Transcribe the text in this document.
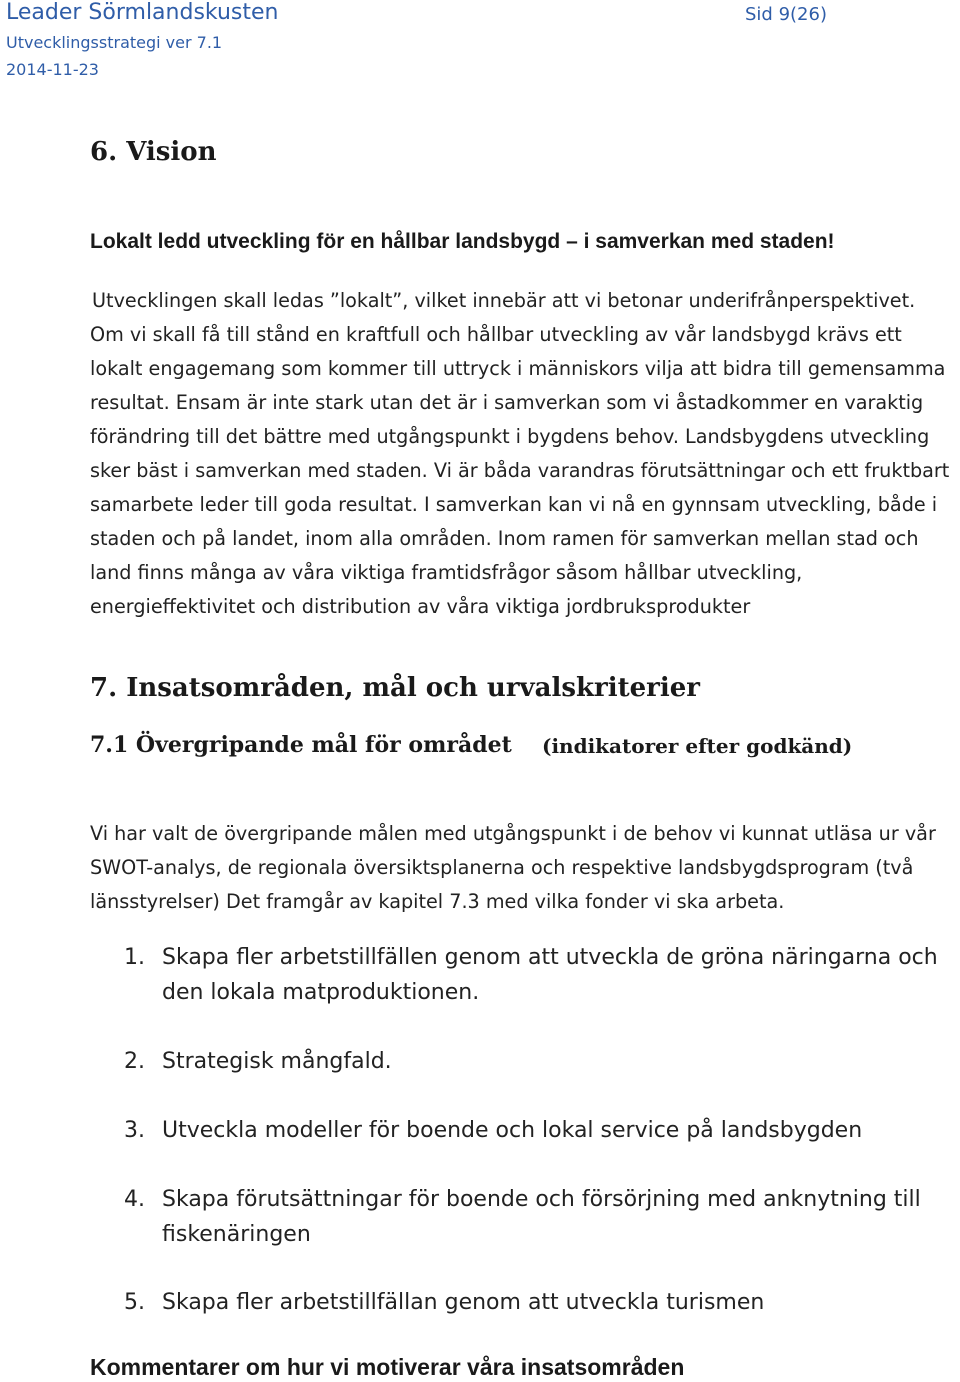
Leader Sörmlandskusten
Utvecklingsstrategi ver 7.1
2014-11-23
Sid 9(26)
6. Vision
Lokalt ledd utveckling för en hållbar landsbygd – i samverkan med staden!

Utvecklingen skall ledas ”lokalt”, vilket innebär att vi betonar underifrånperspektivet.

Om vi skall få till stånd en kraftfull och hållbar utveckling av vår landsbygd krävs ett lokalt engagemang som kommer till uttryck i människors vilja att bidra till gemensamma resultat. Ensam är inte stark utan det är i samverkan som vi åstadkommer en varaktig förändring till det bättre med utgångspunkt i bygdens behov. Landsbygdens utveckling sker bäst i samverkan med staden. Vi är båda varandras förutsättningar och ett fruktbart samarbete leder till goda resultat. I samverkan kan vi nå en gynnsam utveckling, både i staden och på landet, inom alla områden. Inom ramen för samverkan mellan stad och land finns många av våra viktiga framtidsfrågor såsom hållbar utveckling, energieffektivitet och distribution av våra viktiga jordbruksprodukter

7. Insatsområden, mål och urvalskriterier
7.1 Övergripande mål för området (indikatorer efter godkänd)

Vi har valt de övergripande målen med utgångspunkt i de behov vi kunnat utläsa ur vår SWOT-analys, de regionala översiktsplanerna och respektive landsbygdsprogram (två länsstyrelser) Det framgår av kapitel 7.3 med vilka fonder vi ska arbeta.

1. Skapa fler arbetstillfällen genom att utveckla de gröna näringarna och den lokala matproduktionen.
2. Strategisk mångfald.
3. Utveckla modeller för boende och lokal service på landsbygden
4. Skapa förutsättningar för boende och försörjning med anknytning till fiskenäringen
5. Skapa fler arbetstillfällan genom att utveckla turismen
Kommentarer om hur vi motiverar våra insatsområden
